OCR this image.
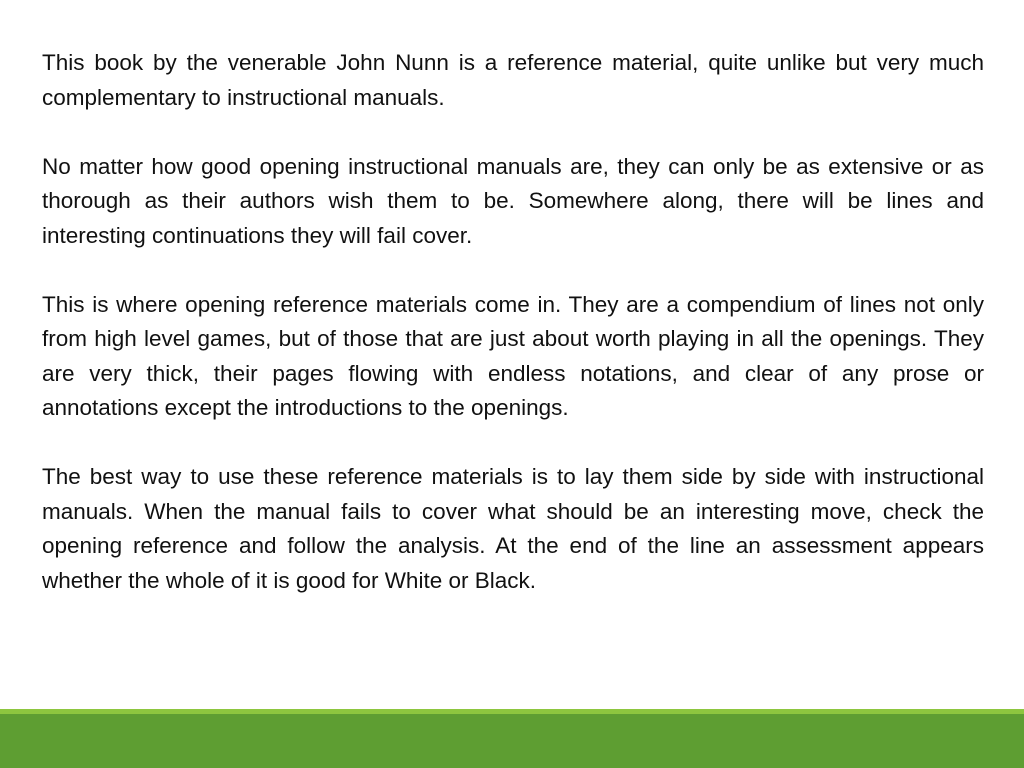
This book by the venerable John Nunn is a reference material, quite unlike but very much complementary to instructional manuals.

No matter how good opening instructional manuals are, they can only be as extensive or as thorough as their authors wish them to be. Somewhere along, there will be lines and interesting continuations they will fail cover.

This is where opening reference materials come in. They are a compendium of lines not only from high level games, but of those that are just about worth playing in all the openings. They are very thick, their pages flowing with endless notations, and clear of any prose or annotations except the introductions to the openings.

The best way to use these reference materials is to lay them side by side with instructional manuals. When the manual fails to cover what should be an interesting move, check the opening reference and follow the analysis. At the end of the line an assessment appears whether the whole of it is good for White or Black.
